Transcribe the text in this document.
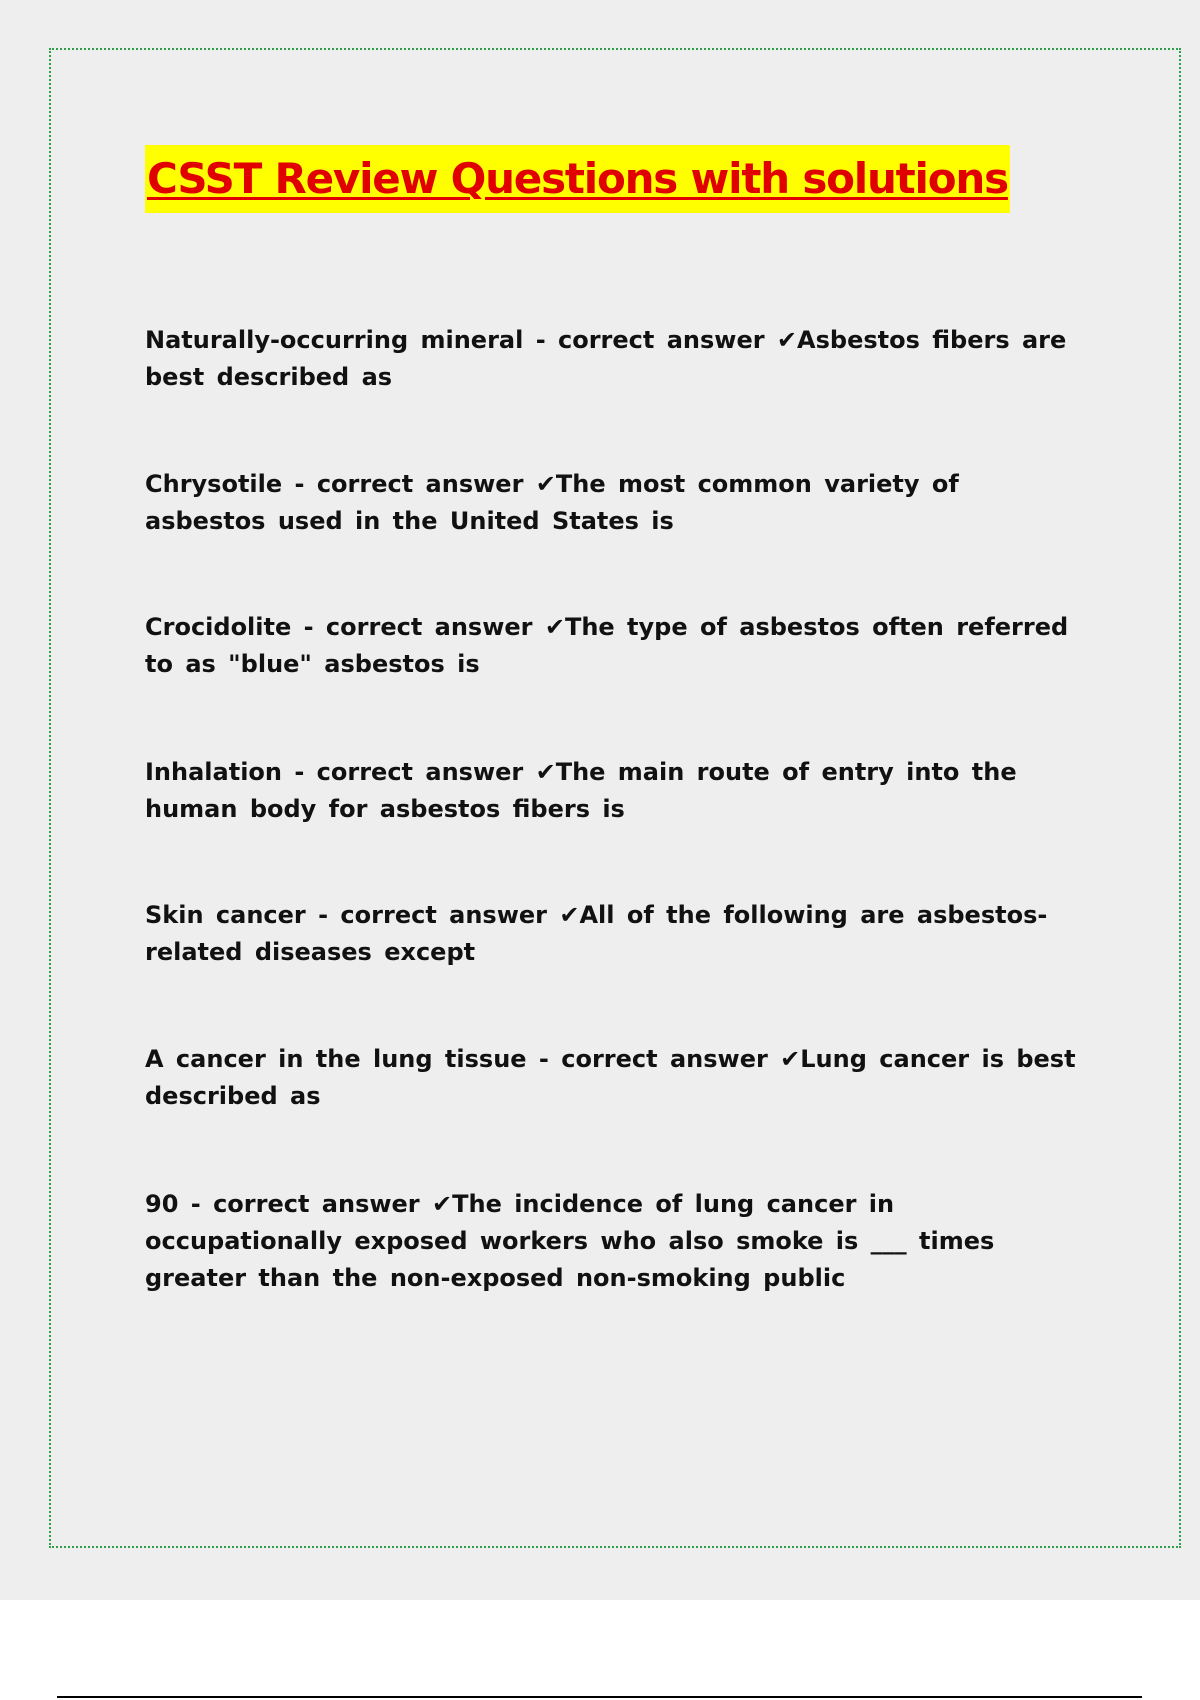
CSST Review Questions with solutions
Naturally-occurring mineral - correct answer ✔Asbestos fibers are best described as
Chrysotile - correct answer ✔The most common variety of asbestos used in the United States is
Crocidolite - correct answer ✔The type of asbestos often referred to as "blue" asbestos is
Inhalation - correct answer ✔The main route of entry into the human body for asbestos fibers is
Skin cancer - correct answer ✔All of the following are asbestos-related diseases except
A cancer in the lung tissue - correct answer ✔Lung cancer is best described as
90 - correct answer ✔The incidence of lung cancer in occupationally exposed workers who also smoke is ___ times greater than the non-exposed non-smoking public
